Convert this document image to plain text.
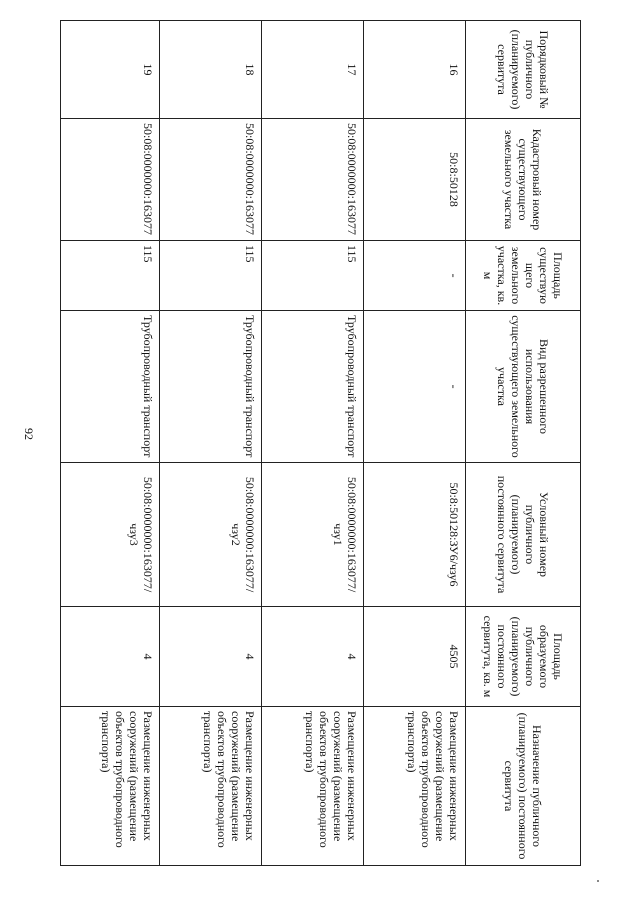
92
Порядковый № публичного (планируемого) сервитута	Кадастровый номер существующего земельного участка	Площадь существую щего земельного участка, кв. м	Вид разрешенного использования существующего земельного участка	Условный номер публичного (планируемого) постоянного сервитута	Площадь образуемого публичного (планируемого) постоянного сервитута, кв. м	Назначение публичного (планируемого) постоянного сервитута
16	50:8:50128	-	-	50:8:50128:ЗУ6/чзу6	4505	Размещение инженерных сооружений (размещение объектов трубопроводного транспорта)
17	50:08:0000000:163077	115	Трубопроводный транспорт	50:08:0000000:163077/чзу1	4	Размещение инженерных сооружений (размещение объектов трубопроводного транспорта)
18	50:08:0000000:163077	115	Трубопроводный транспорт	50:08:0000000:163077/чзу2	4	Размещение инженерных сооружений (размещение объектов трубопроводного транспорта)
19	50:08:0000000:163077	115	Трубопроводный транспорт	50:08:0000000:163077/чзу3	4	Размещение инженерных сооружений (размещение объектов трубопроводного транспорта)
